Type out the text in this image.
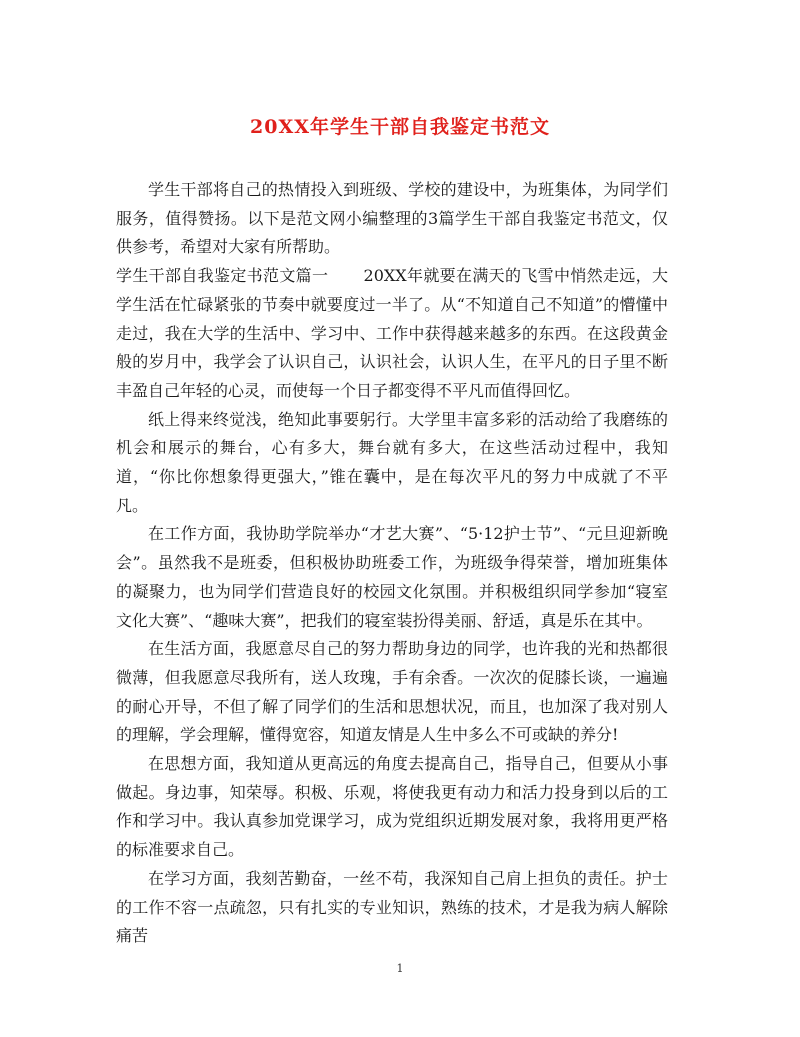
20XX年学生干部自我鉴定书范文

学生干部将自己的热情投入到班级、学校的建设中，为班集体，为同学们服务，值得赞扬。以下是范文网小编整理的3篇学生干部自我鉴定书范文，仅供参考，希望对大家有所帮助。

学生干部自我鉴定书范文篇一 20XX年就要在满天的飞雪中悄然走远，大学生活在忙碌紧张的节奏中就要度过一半了。从“不知道自己不知道”的懵懂中走过，我在大学的生活中、学习中、工作中获得越来越多的东西。在这段黄金般的岁月中，我学会了认识自己，认识社会，认识人生，在平凡的日子里不断丰盈自己年轻的心灵，而使每一个日子都变得不平凡而值得回忆。

纸上得来终觉浅，绝知此事要躬行。大学里丰富多彩的活动给了我磨练的机会和展示的舞台，心有多大，舞台就有多大，在这些活动过程中，我知道，“你比你想象得更强大，”锥在囊中，是在每次平凡的努力中成就了不平凡。

在工作方面，我协助学院举办“才艺大赛”、“5·12护士节”、“元旦迎新晚会”。虽然我不是班委，但积极协助班委工作，为班级争得荣誉，增加班集体的凝聚力，也为同学们营造良好的校园文化氛围。并积极组织同学参加“寝室文化大赛”、“趣味大赛”，把我们的寝室装扮得美丽、舒适，真是乐在其中。

在生活方面，我愿意尽自己的努力帮助身边的同学，也许我的光和热都很微薄，但我愿意尽我所有，送人玫瑰，手有余香。一次次的促膝长谈，一遍遍的耐心开导，不但了解了同学们的生活和思想状况，而且，也加深了我对别人的理解，学会理解，懂得宽容，知道友情是人生中多么不可或缺的养分!

在思想方面，我知道从更高远的角度去提高自己，指导自己，但要从小事做起。身边事，知荣辱。积极、乐观，将使我更有动力和活力投身到以后的工作和学习中。我认真参加党课学习，成为党组织近期发展对象，我将用更严格的标准要求自己。

在学习方面，我刻苦勤奋，一丝不苟，我深知自己肩上担负的责任。护士的工作不容一点疏忽，只有扎实的专业知识，熟练的技术，才是我为病人解除痛苦

1
